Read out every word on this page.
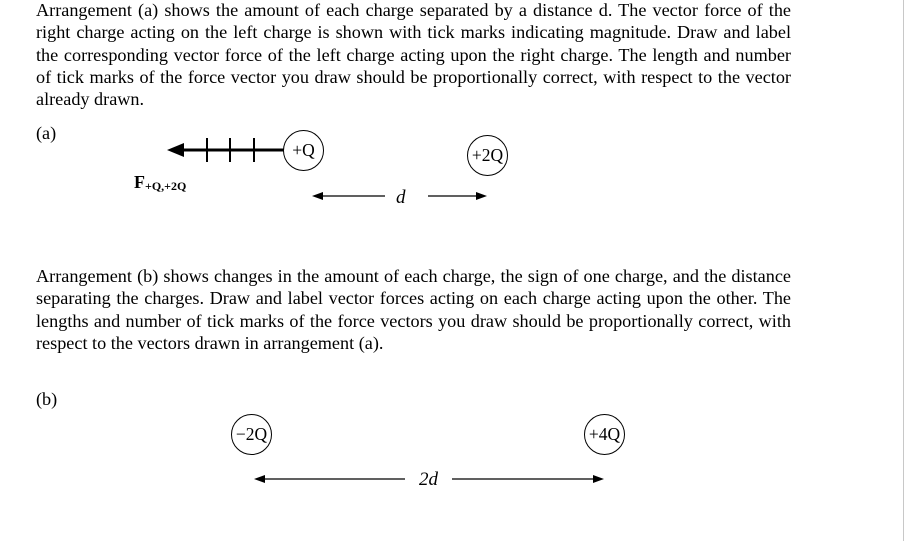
Arrangement (a) shows the amount of each charge separated by a distance d. The vector force of the right charge acting on the left charge is shown with tick marks indicating magnitude. Draw and label the corresponding vector force of the left charge acting upon the right charge. The length and number of tick marks of the force vector you draw should be proportionally correct, with respect to the vector already drawn.

(a)
+Q	+2Q
F+Q,+2Q
d

Arrangement (b) shows changes in the amount of each charge, the sign of one charge, and the distance separating the charges. Draw and label vector forces acting on each charge acting upon the other. The lengths and number of tick marks of the force vectors you draw should be proportionally correct, with respect to the vectors drawn in arrangement (a).

(b)
−2Q	+4Q
2d
